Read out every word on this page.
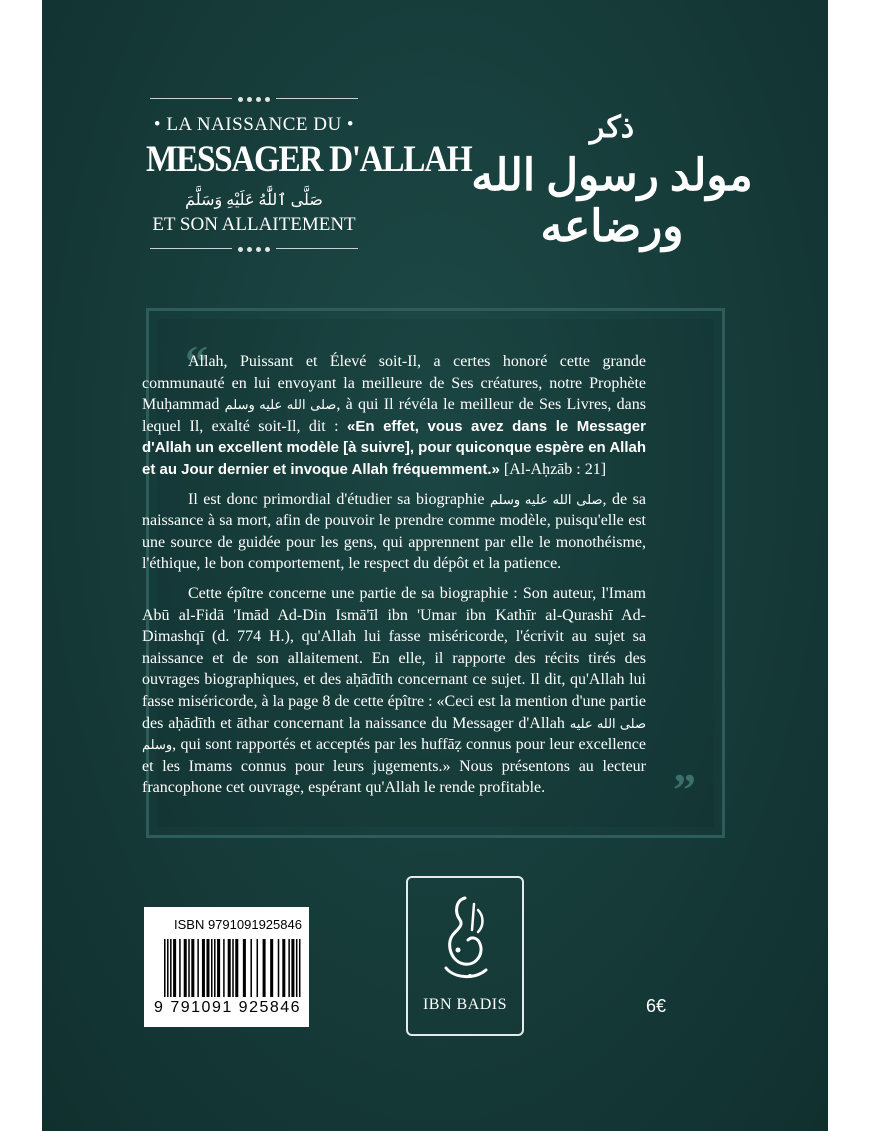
• LA NAISSANCE DU •
MESSAGER D'ALLAH
صَلَّى ٱللَّٰهُ عَلَيْهِ وَسَلَّمَ
ET SON ALLAITEMENT
ذكر
مولد رسول الله ورضاعه
“
”
ISBN 9791091925846
9 791091 925846	IBN BADIS	6€

Allah, Puissant et Élevé soit-Il, a certes honoré cette grande communauté en lui envoyant la meilleure de Ses créatures, notre Prophète Muḥammad صلى الله عليه وسلم, à qui Il révéla le meilleur de Ses Livres, dans lequel Il, exalté soit-Il, dit : «En effet, vous avez dans le Messager d'Allah un excellent modèle [à suivre], pour quiconque espère en Allah et au Jour dernier et invoque Allah fréquemment.» [Al-Aḥzāb : 21]

Il est donc primordial d'étudier sa biographie صلى الله عليه وسلم, de sa naissance à sa mort, afin de pouvoir le prendre comme modèle, puisqu'elle est une source de guidée pour les gens, qui apprennent par elle le monothéisme, l'éthique, le bon comportement, le respect du dépôt et la patience.

Cette épître concerne une partie de sa biographie : Son auteur, l'Imam Abū al-Fidā 'Imād Ad-Din Ismā'īl ibn 'Umar ibn Kathīr al-Qurashī Ad-Dimashqī (d. 774 H.), qu'Allah lui fasse miséricorde, l'écrivit au sujet sa naissance et de son allaitement. En elle, il rapporte des récits tirés des ouvrages biographiques, et des aḥādīth concernant ce sujet. Il dit, qu'Allah lui fasse miséricorde, à la page 8 de cette épître : «Ceci est la mention d'une partie des aḥādīth et āthar concernant la naissance du Messager d'Allah صلى الله عليه وسلم, qui sont rapportés et acceptés par les huffāẓ connus pour leur excellence et les Imams connus pour leurs jugements.» Nous présentons au lecteur francophone cet ouvrage, espérant qu'Allah le rende profitable.
